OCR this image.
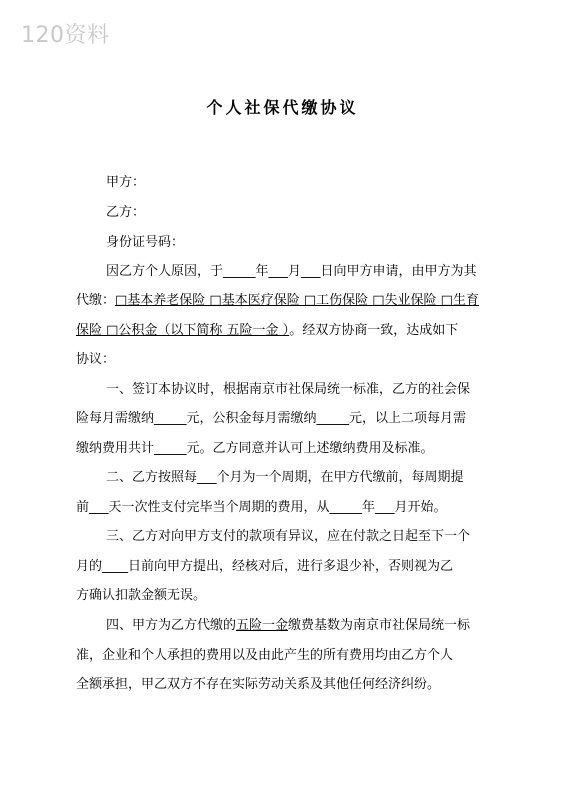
120资料
个人社保代缴协议
甲方：
乙方：
身份证号码：
因乙方个人原因，于_____年___月___日向甲方申请，由甲方为其
代缴：□基本养老保险 □基本医疗保险 □工伤保险 □失业保险 □生育
保险 □公积金（以下简称 五险一金 ）。经双方协商一致，达成如下
协议：
一、签订本协议时，根据南京市社保局统一标准，乙方的社会保
险每月需缴纳_____元，公积金每月需缴纳_____元，以上二项每月需
缴纳费用共计_____元。乙方同意并认可上述缴纳费用及标准。
二、乙方按照每___个月为一个周期，在甲方代缴前，每周期提
前___天一次性支付完毕当个周期的费用，从_____年___月开始。
三、乙方对向甲方支付的款项有异议，应在付款之日起至下一个
月的____日前向甲方提出，经核对后，进行多退少补，否则视为乙
方确认扣款金额无误。
四、甲方为乙方代缴的五险一金缴费基数为南京市社保局统一标
准，企业和个人承担的费用以及由此产生的所有费用均由乙方个人
全额承担，甲乙双方不存在实际劳动关系及其他任何经济纠纷。
